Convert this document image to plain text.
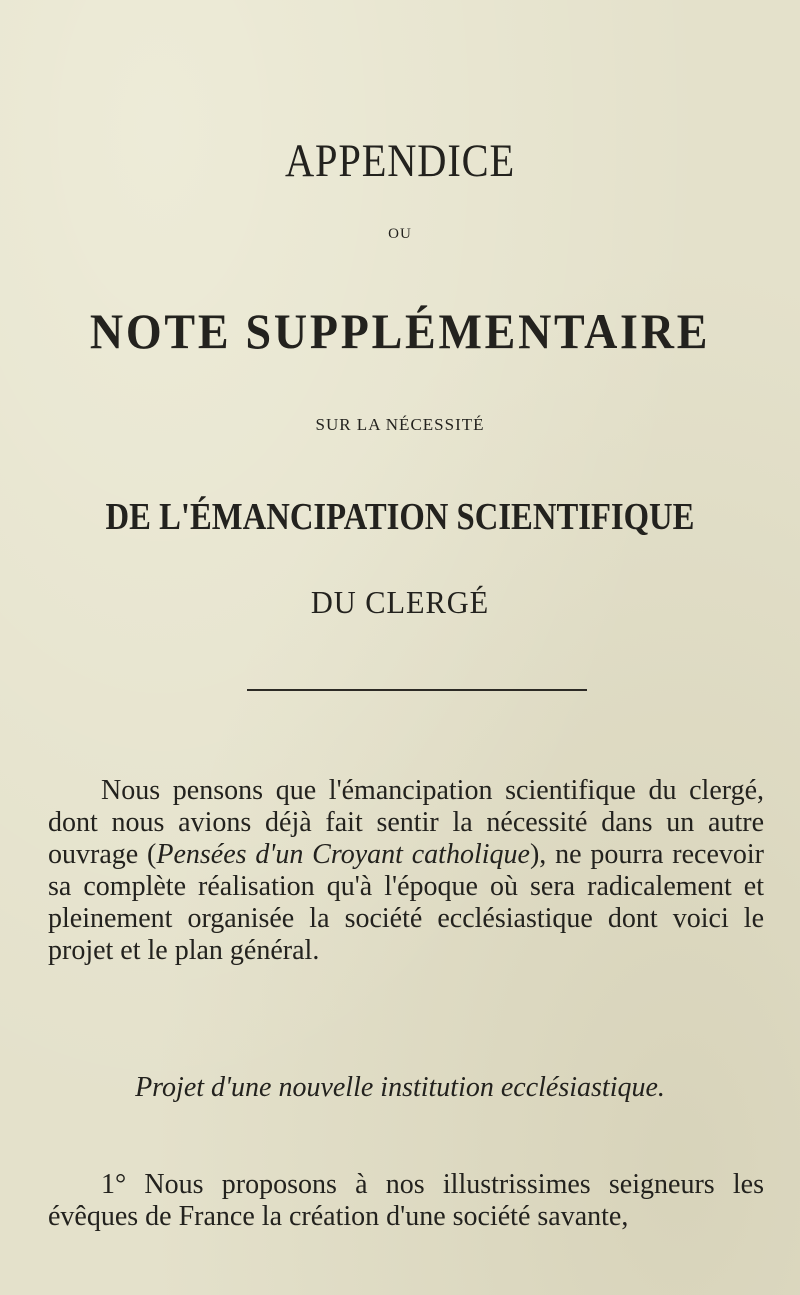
APPENDICE
OU
NOTE SUPPLÉMENTAIRE
SUR LA NÉCESSITÉ
DE L'ÉMANCIPATION SCIENTIFIQUE
DU CLERGÉ

Nous pensons que l'émancipation scientifique du clergé, dont nous avions déjà fait sentir la nécessité dans un autre ouvrage (Pensées d'un Croyant catholique), ne pourra recevoir sa complète réalisation qu'à l'époque où sera radicalement et pleinement organisée la société ecclésiastique dont voici le projet et le plan général.

Projet d'une nouvelle institution ecclésiastique.

1° Nous proposons à nos illustrissimes seigneurs les évêques de France la création d'une société savante,
